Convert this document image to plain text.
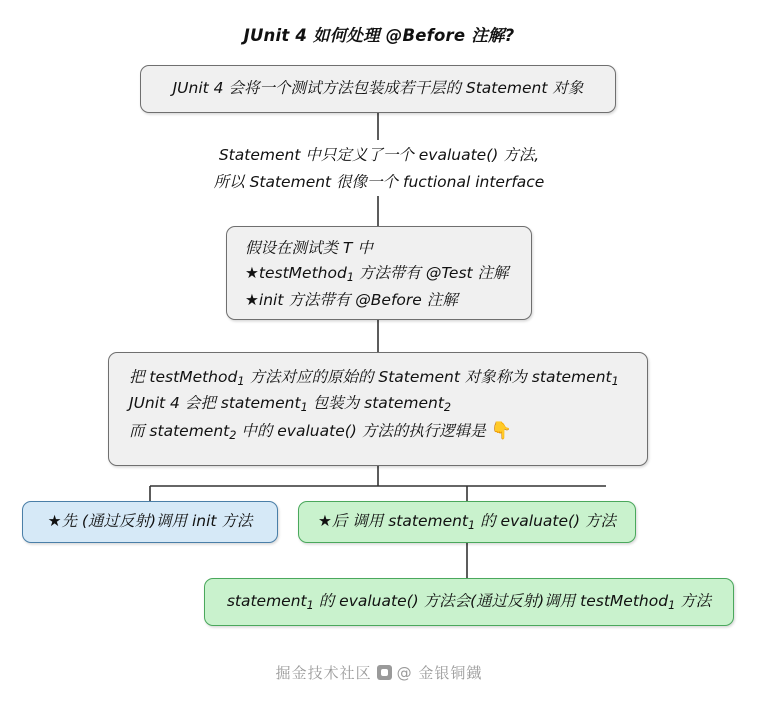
JUnit 4 如何处理 @Before 注解?
JUnit 4 会将一个测试方法包装成若干层的 Statement 对象
Statement 中只定义了一个 evaluate() 方法,
所以 Statement 很像一个 fuctional interface
假设在测试类 T 中
★testMethod$_1$ 方法带有 @Test 注解
★init 方法带有 @Before 注解
把 testMethod$_1$ 方法对应的原始的 Statement 对象称为 statement$_1$
JUnit 4 会把 statement$_1$ 包装为 statement$_2$
而 statement$_2$ 中的 evaluate() 方法的执行逻辑是 👇
★先 (通过反射)调用 init 方法	★后 调用 statement$_1$ 的 evaluate() 方法
statement$_1$ 的 evaluate() 方法会(通过反射)调用 testMethod$_1$ 方法
掘金技术社区 @ 金银铜鐡
